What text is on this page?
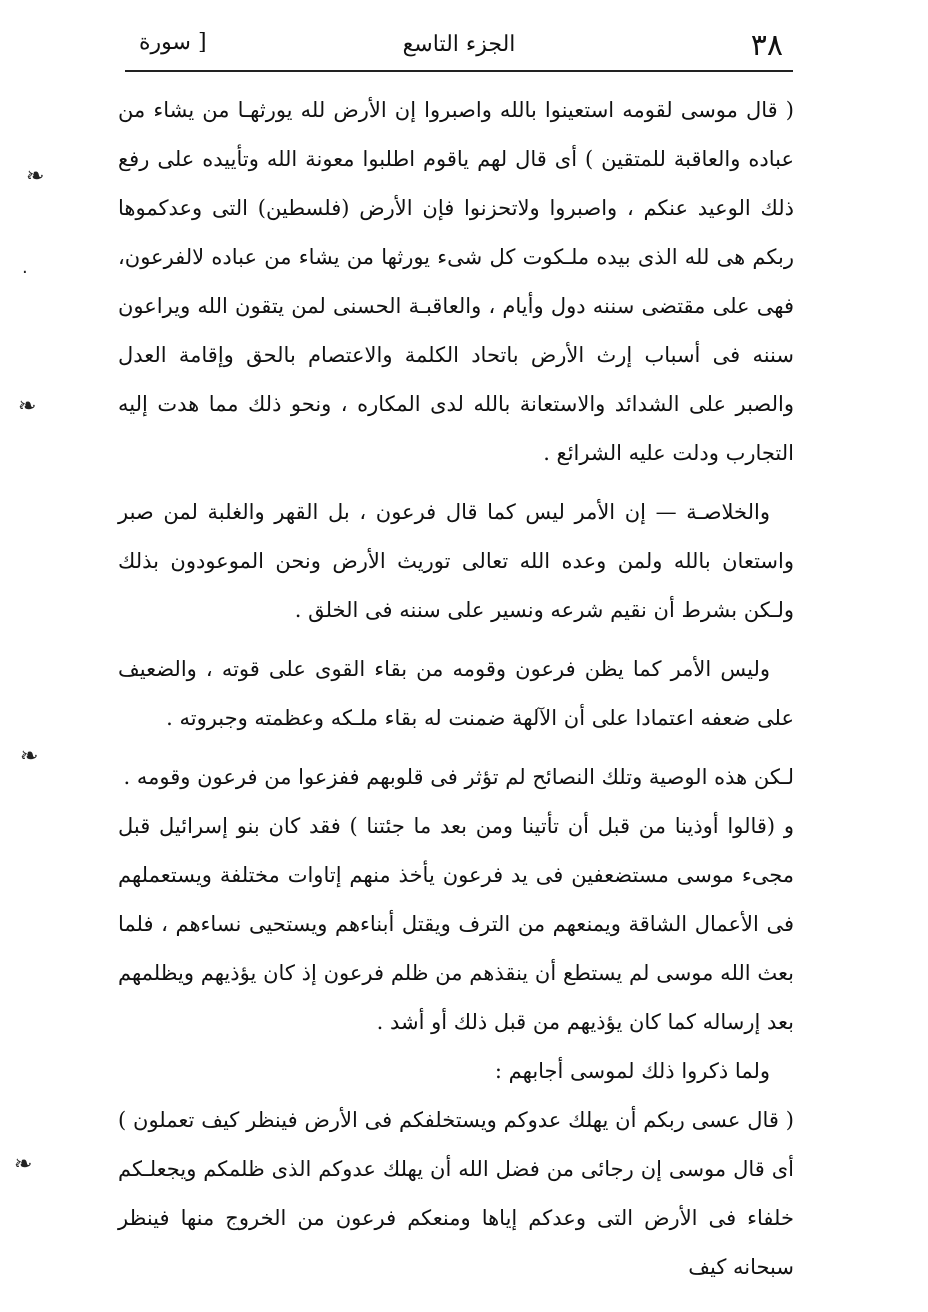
٣٨
الجزء التاسع
[ سورة

( قال موسى لقومه استعينوا بالله واصبروا إن الأرض لله يورثهـا من يشاء من عباده والعاقبة للمتقين ) أى قال لهم ياقوم اطلبوا معونة الله وتأييده على رفع ذلك الوعيد عنكم ، واصبروا ولاتحزنوا فإن الأرض (فلسطين) التى وعدكموها ربكم هى لله الذى بيده ملـكوت كل شىء يورثها من يشاء من عباده لالفرعون، فهى على مقتضى سننه دول وأيام ، والعاقبـة الحسنى لمن يتقون الله ويراعون سننه فى أسباب إرث الأرض باتحاد الكلمة والاعتصام بالحق وإقامة العدل والصبر على الشدائد والاستعانة بالله لدى المكاره ، ونحو ذلك مما هدت إليه التجارب ودلت عليه الشرائع .

والخلاصـة — إن الأمر ليس كما قال فرعون ، بل القهر والغلبة لمن صبر واستعان بالله ولمن وعده الله تعالى توريث الأرض ونحن الموعودون بذلك ولـكن بشرط أن نقيم شرعه ونسير على سننه فى الخلق .

وليس الأمر كما يظن فرعون وقومه من بقاء القوى على قوته ، والضعيف على ضعفه اعتمادا على أن الآلهة ضمنت له بقاء ملـكه وعظمته وجبروته .

لـكن هذه الوصية وتلك النصائح لم تؤثر فى قلوبهم ففزعوا من فرعون وقومه .

و (قالوا أوذينا من قبل أن تأتينا ومن بعد ما جئتنا ) فقد كان بنو إسرائيل قبل مجىء موسى مستضعفين فى يد فرعون يأخذ منهم إتاوات مختلفة ويستعملهم فى الأعمال الشاقة ويمنعهم من الترف ويقتل أبناءهم ويستحيى نساءهم ، فلما بعث الله موسى لم يستطع أن ينقذهم من ظلم فرعون إذ كان يؤذيهم ويظلمهم بعد إرساله كما كان يؤذيهم من قبل ذلك أو أشد .

ولما ذكروا ذلك لموسى أجابهم :

( قال عسى ربكم أن يهلك عدوكم ويستخلفكم فى الأرض فينظر كيف تعملون ) أى قال موسى إن رجائى من فضل الله أن يهلك عدوكم الذى ظلمكم ويجعلـكم خلفاء فى الأرض التى وعدكم إياها ومنعكم فرعون من الخروج منها فينظر سبحانه كيف

❧
·
❧
❧
❧
